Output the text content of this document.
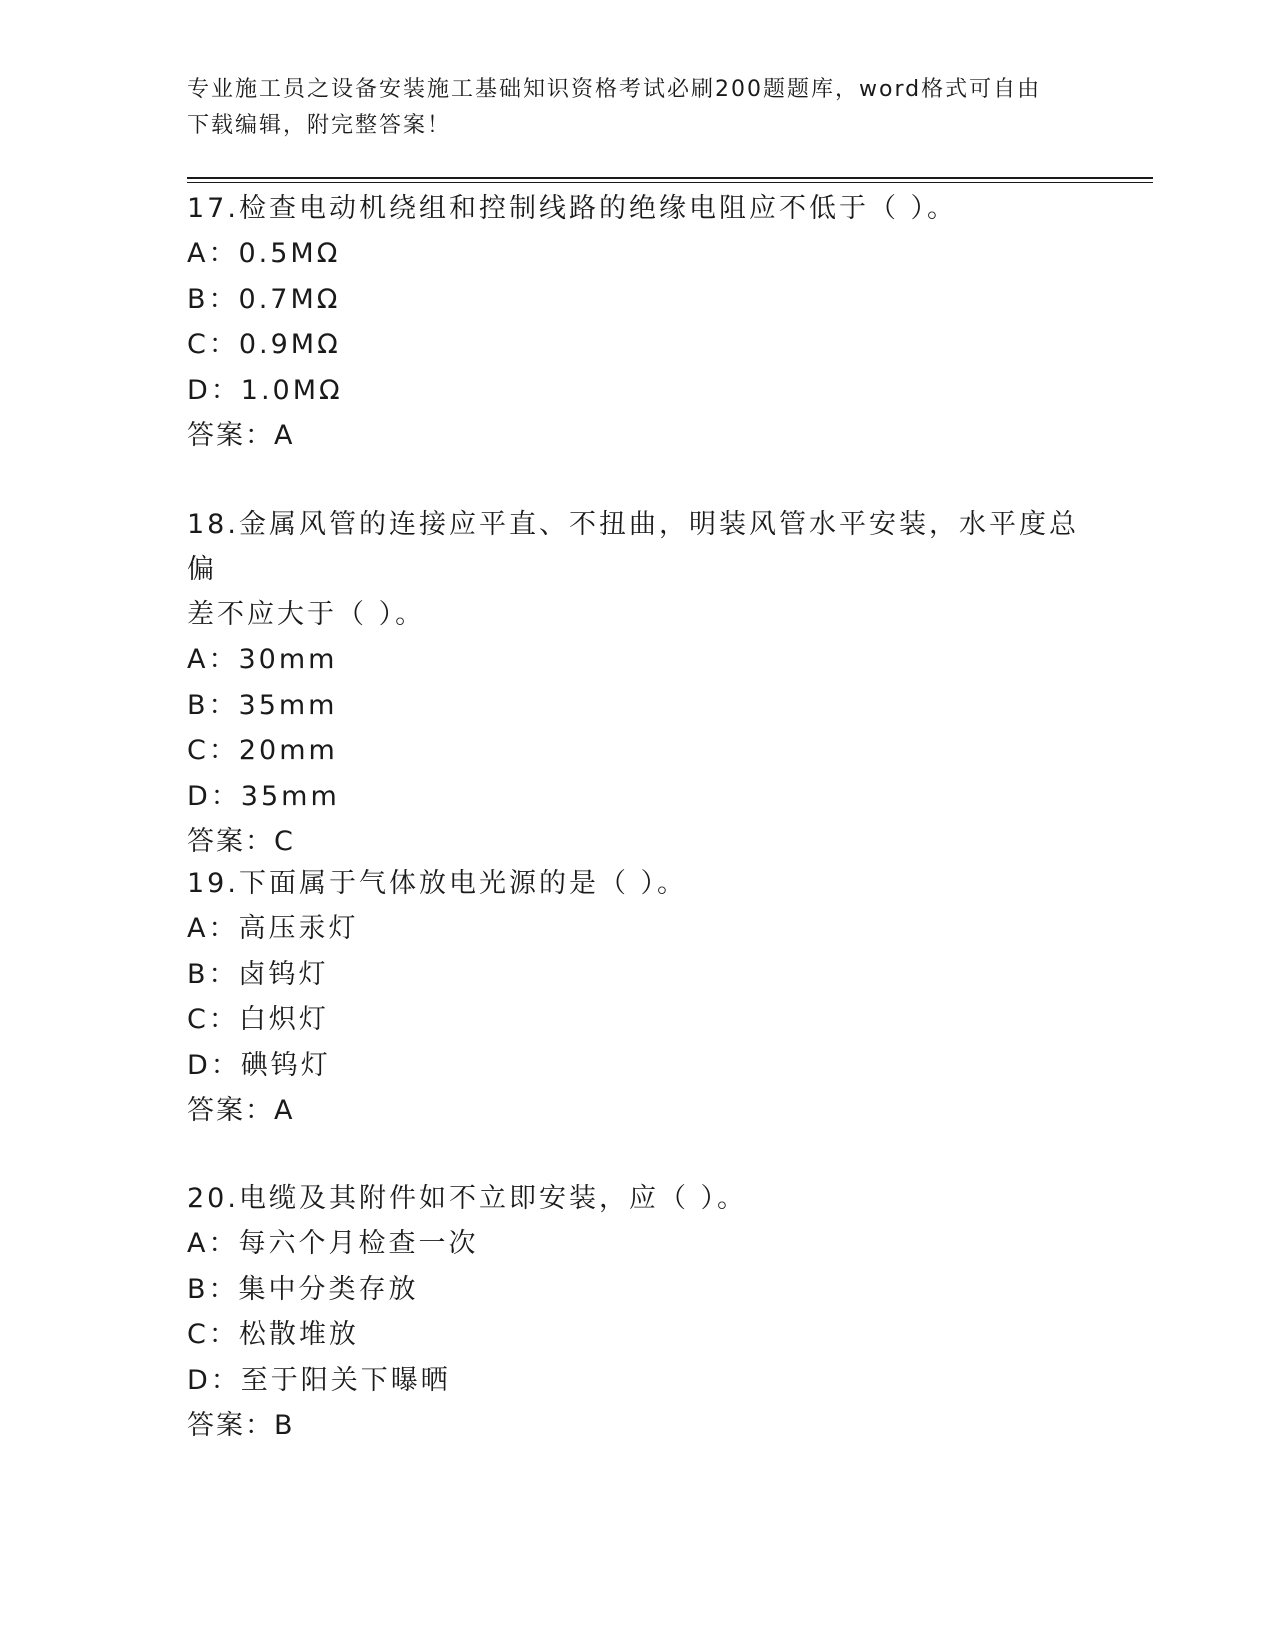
专业施工员之设备安装施工基础知识资格考试必刷200题题库，word格式可自由
下载编辑，附完整答案！

17.检查电动机绕组和控制线路的绝缘电阻应不低于（ ）。

A：0.5MΩ

B：0.7MΩ

C：0.9MΩ

D：1.0MΩ

答案：A

18.金属风管的连接应平直、不扭曲，明装风管水平安装，水平度总偏

差不应大于（ ）。

A：30mm

B：35mm

C：20mm

D：35mm

答案：C

19.下面属于气体放电光源的是（ ）。

A：高压汞灯

B：卤钨灯

C：白炽灯

D：碘钨灯

答案：A

20.电缆及其附件如不立即安装，应（ ）。

A：每六个月检查一次

B：集中分类存放

C：松散堆放

D：至于阳关下曝晒

答案：B
